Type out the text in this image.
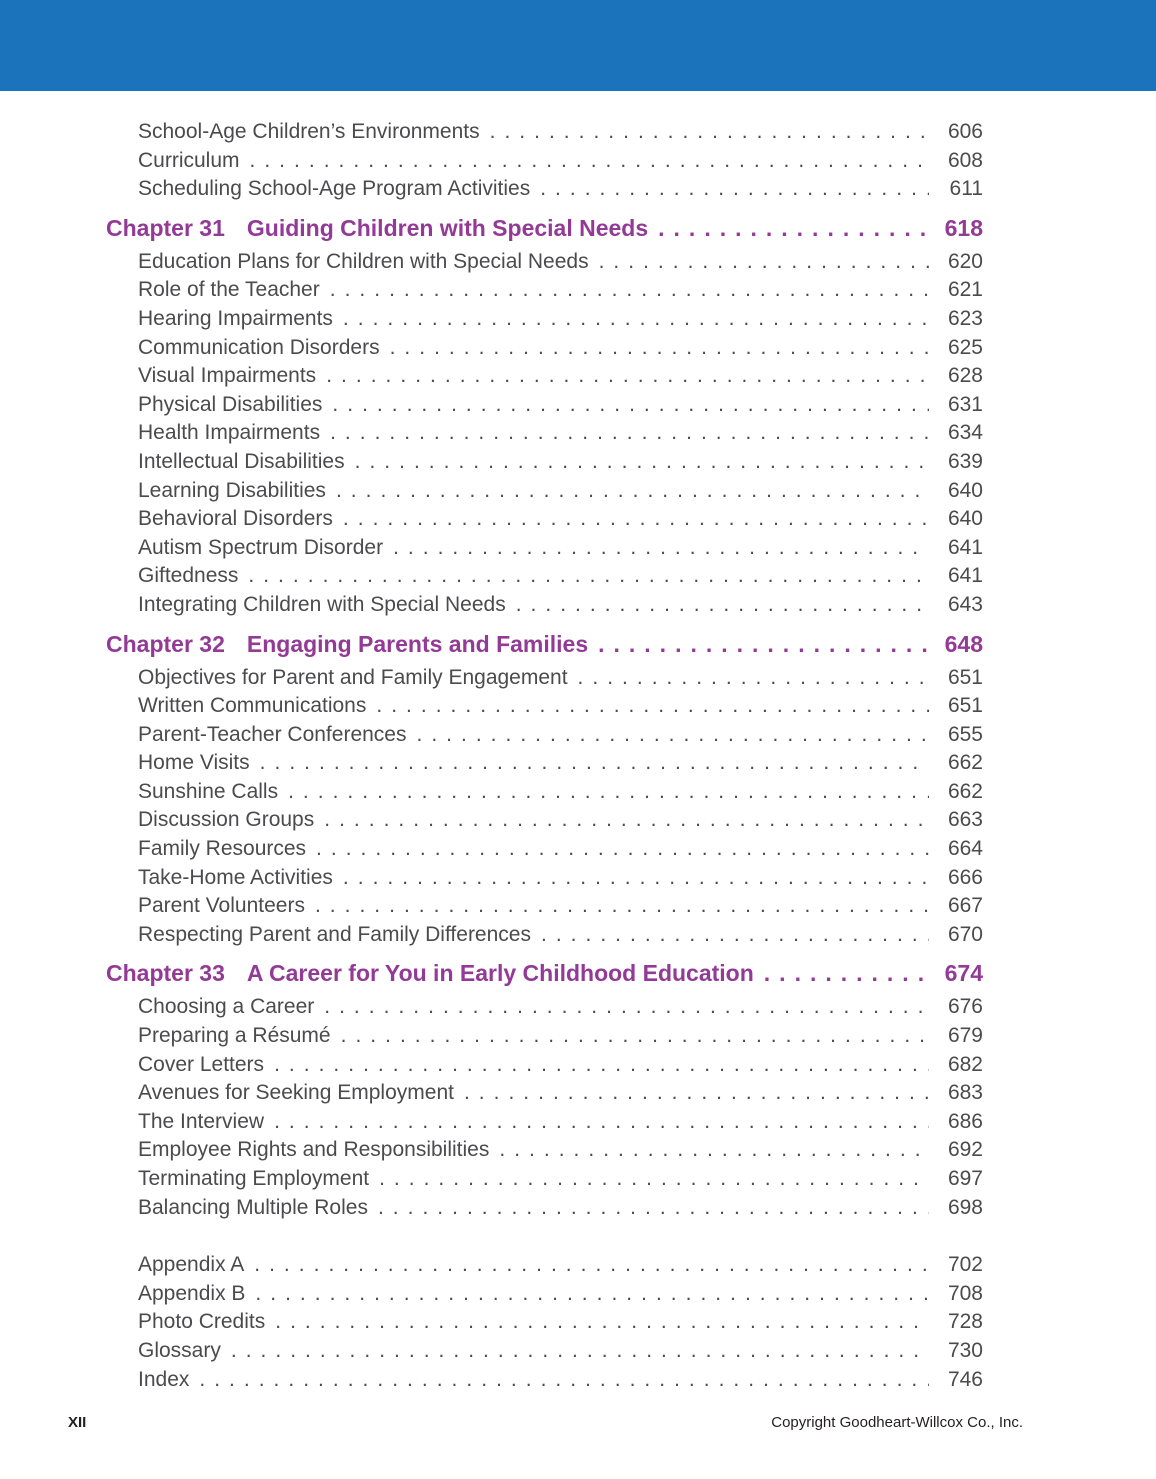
School-Age Children’s Environments .....	606
Curriculum .....	608
Scheduling School-Age Program Activities .....	611
Chapter 31 Guiding Children with Special Needs .....	618
Education Plans for Children with Special Needs .....	620
Role of the Teacher .....	621
Hearing Impairments .....	623
Communication Disorders .....	625
Visual Impairments .....	628
Physical Disabilities .....	631
Health Impairments .....	634
Intellectual Disabilities .....	639
Learning Disabilities .....	640
Behavioral Disorders .....	640
Autism Spectrum Disorder .....	641
Giftedness .....	641
Integrating Children with Special Needs .....	643
Chapter 32 Engaging Parents and Families .....	648
Objectives for Parent and Family Engagement .....	651
Written Communications .....	651
Parent-Teacher Conferences .....	655
Home Visits .....	662
Sunshine Calls .....	662
Discussion Groups .....	663
Family Resources .....	664
Take-Home Activities .....	666
Parent Volunteers .....	667
Respecting Parent and Family Differences .....	670
Chapter 33 A Career for You in Early Childhood Education .....	674
Choosing a Career .....	676
Preparing a Résumé .....	679
Cover Letters .....	682
Avenues for Seeking Employment .....	683
The Interview .....	686
Employee Rights and Responsibilities .....	692
Terminating Employment .....	697
Balancing Multiple Roles .....	698
Appendix A .....	702
Appendix B .....	708
Photo Credits .....	728
Glossary .....	730
Index .....	746
XII	Copyright Goodheart-Willcox Co., Inc.
